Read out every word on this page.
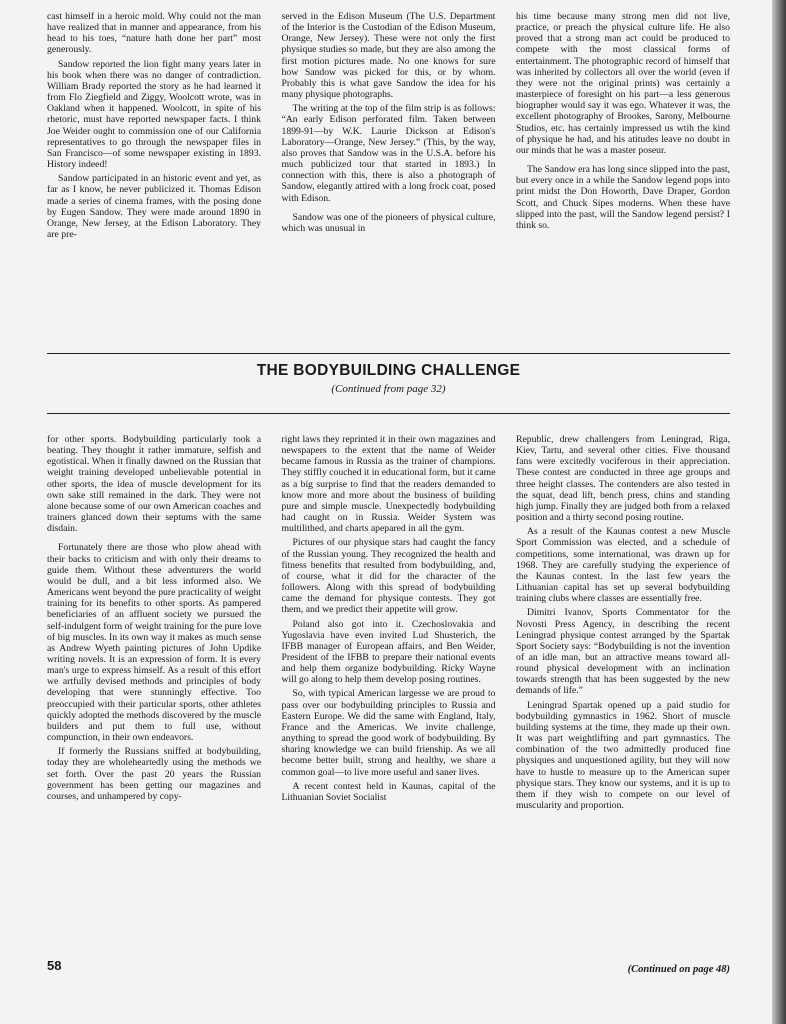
cast himself in a heroic mold. Why could not the man have realized that in manner and appearance, from his head to his toes, “nature hath done her part” most generously.

Sandow reported the lion fight many years later in his book when there was no danger of contradiction. William Brady reported the story as he had learned it from Flo Ziegfield and Ziggy, Woolcott wrote, was in Oakland when it happened. Woolcott, in spite of his rhetoric, must have reported newspaper facts. I think Joe Weider ought to commission one of our California representatives to go through the newspaper files in San Francisco—of some newspaper existing in 1893. History indeed!

Sandow participated in an historic event and yet, as far as I know, he never publicized it. Thomas Edison made a series of cinema frames, with the posing done by Eugen Sandow. They were made around 1890 in Orange, New Jersey, at the Edison Laboratory. They are pre-

served in the Edison Museum (The U.S. Department of the Interior is the Custodian of the Edison Museum, Orange, New Jersey). These were not only the first physique studies so made, but they are also among the first motion pictures made. No one knows for sure how Sandow was picked for this, or by whom. Probably this is what gave Sandow the idea for his many physique photographs.

The writing at the top of the film strip is as follows: “An early Edison perforated film. Taken between 1899-91—by W.K. Laurie Dickson at Edison's Laboratory—Orange, New Jersey.” (This, by the way, also proves that Sandow was in the U.S.A. before his much publicized tour that started in 1893.) In connection with this, there is also a photograph of Sandow, elegantly attired with a long frock coat, posed with Edison.

Sandow was one of the pioneers of physical culture, which was unusual in

his time because many strong men did not live, practice, or preach the physical culture life. He also proved that a strong man act could be produced to compete with the most classical forms of entertainment. The photographic record of himself that was inherited by collectors all over the world (even if they were not the original prints) was certainly a masterpiece of foresight on his part—a less generous biographer would say it was ego. Whatever it was, the excellent photography of Brookes, Sarony, Melbourne Studios, etc. has certainly impressed us wtih the kind of physique he had, and his atitudes leave no doubt in our minds that he was a master poseur.

The Sandow era has long since slipped into the past, but every once in a while the Sandow legend pops into print midst the Don Howorth, Dave Draper, Gordon Scott, and Chuck Sipes moderns. When these have slipped into the past, will the Sandow legend persist? I think so.

THE BODYBUILDING CHALLENGE
(Continued from page 32)

for other sports. Bodybuilding particularly took a beating. They thought it rather immature, selfish and egotistical. When it finally dawned on the Russian that weight training developed unbelievable potential in other sports, the idea of muscle development for its own sake still remained in the dark. They were not alone because some of our own American coaches and trainers glanced down their septums with the same disdain.

Fortunately there are those who plow ahead with their backs to criticism and with only their dreams to guide them. Without these adventurers the world would be dull, and a bit less informed also. We Americans went beyond the pure practicality of weight training for its benefits to other sports. As pampered beneficiaries of an affluent society we pursued the self-indulgent form of weight training for the pure love of big muscles. In its own way it makes as much sense as Andrew Wyeth painting pictures of John Updike writing novels. It is an expression of form. It is every man's urge to express himself. As a result of this effort we artfully devised methods and principles of body developing that were stunningly effective. Too preoccupied with their particular sports, other athletes quickly adopted the methods discovered by the muscle builders and put them to full use, without compunction, in their own endeavors.

If formerly the Russians sniffed at bodybuilding, today they are wholeheartedly using the methods we set forth. Over the past 20 years the Russian government has been getting our magazines and courses, and unhampered by copy-

right laws they reprinted it in their own magazines and newspapers to the extent that the name of Weider became famous in Russia as the trainer of champions. They stiffly couched it in educational form, but it came as a big surprise to find that the readers demanded to know more and more about the business of building pure and simple muscle. Unexpectedly bodybuilding had caught on in Russia. Weider System was multilithed, and charts apepared in all the gym.

Pictures of our physique stars had caught the fancy of the Russian young. They recognized the health and fitness benefits that resulted from bodybuilding, and, of course, what it did for the character of the followers. Along with this spread of bodybuilding came the demand for physique contests. They got them, and we predict their appetite will grow.

Poland also got into it. Czechoslovakia and Yugoslavia have even invited Lud Shusterich, the IFBB manager of European affairs, and Ben Weider, President of the IFBB to prepare their national events and help them organize bodybuilding. Ricky Wayne will go along to help them develop posing routines.

So, with typical American largesse we are proud to pass over our bodybuilding principles to Russia and Eastern Europe. We did the same with England, Italy, France and the Americas. We invite challenge, anything to spread the good work of bodybuilding. By sharing knowledge we can build frienship. As we all become better built, strong and healthy, we share a common goal—to live more useful and saner lives.

A recent contest held in Kaunas, capital of the Lithuanian Soviet Socialist

Republic, drew challengers from Leningrad, Riga, Kiev, Tartu, and several other cities. Five thousand fans were excitedly vociferous in their appreciation. These contest are conducted in three age groups and three height classes. The contenders are also tested in the squat, dead lift, bench press, chins and standing high jump. Finally they are judged both from a relaxed position and a thirty second posing routine.

As a result of the Kaunas contest a new Muscle Sport Commission was elected, and a schedule of competitions, some international, was drawn up for 1968. They are carefully studying the experience of the Kaunas contest. In the last few years the Lithuanian capital has set up several bodybuilding training clubs where classes are essentially free.

Dimitri Ivanov, Sports Commentator for the Novosti Press Agency, in describing the recent Leningrad physique contest arranged by the Spartak Sport Society says: “Bodybuilding is not the invention of an idle man, but an attractive means toward all-round physical development with an inclination towards strength that has been suggested by the new demands of life.”

Leningrad Spartak opened up a paid studio for bodybuilding gymnastics in 1962. Short of muscle building systems at the time, they made up their own. It was part weightlifting and part gymnastics. The combination of the two admittedly produced fine physiques and unquestioned agility, but they will now have to hustle to measure up to the American super physique stars. They know our systems, and it is up to them if they wish to compete on our level of muscularity and proportion.

58	(Continued on page 48)
